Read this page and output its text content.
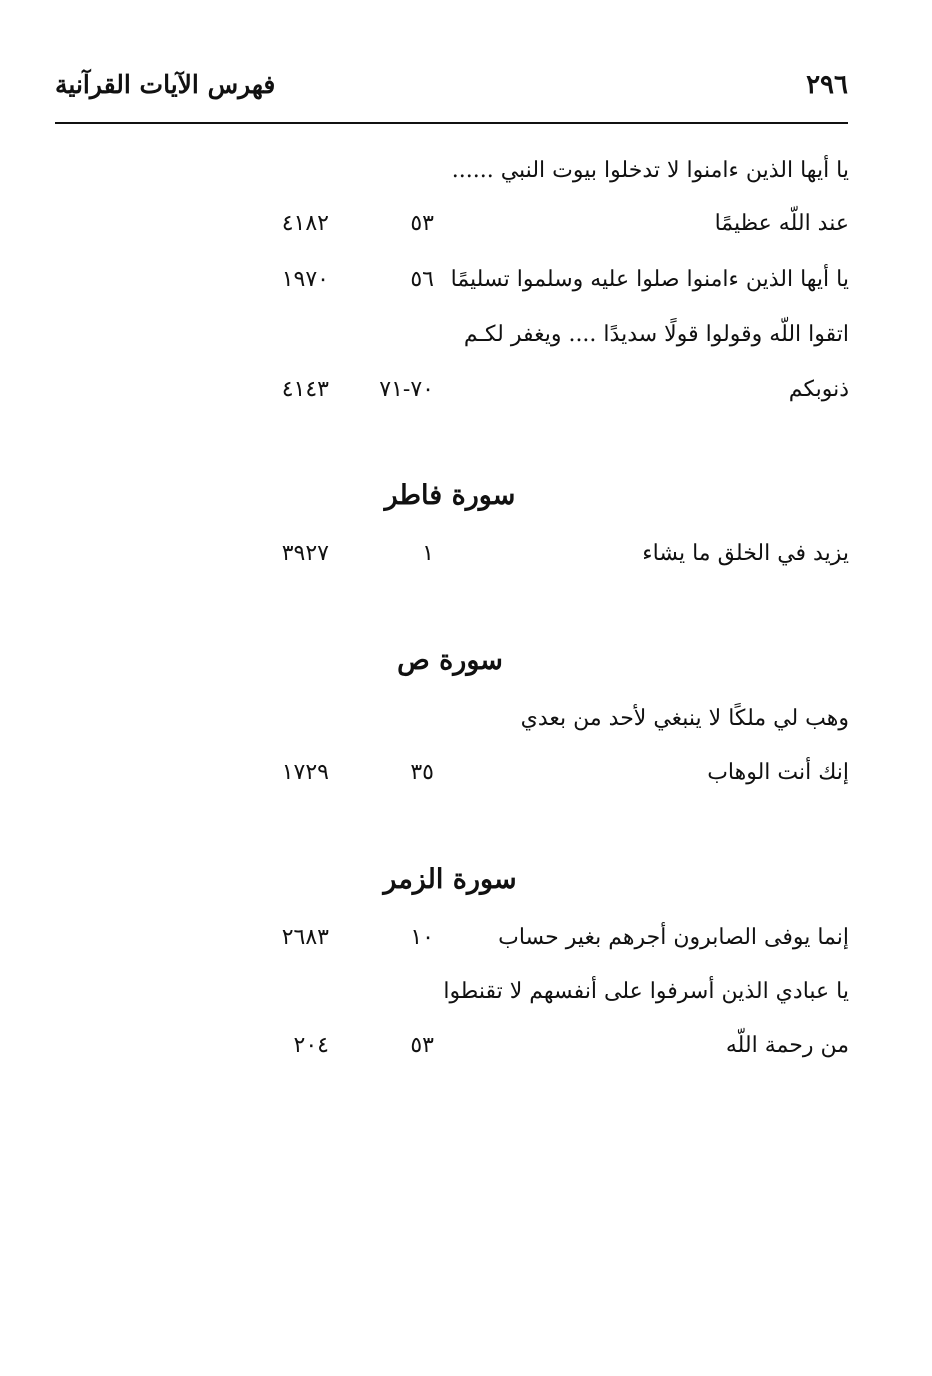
٢٩٦
فهرس الآيات القرآنية
يا أيها الذين ءامنوا لا تدخلوا بيوت النبي ......
عند اللّه عظيمًا
٥٣
٤١٨٢
يا أيها الذين ءامنوا صلوا عليه وسلموا تسليمًا
٥٦
١٩٧٠
اتقوا اللّه وقولوا قولًا سديدًا .... ويغفر لكـم
ذنوبكم
٧٠-٧١
٤١٤٣
سورة فاطر
يزيد في الخلق ما يشاء
١
٣٩٢٧
سورة ص
وهب لي ملكًا لا ينبغي لأحد من بعدي
إنك أنت الوهاب
٣٥
١٧٢٩
سورة الزمر
إنما يوفى الصابرون أجرهم بغير حساب
١٠
٢٦٨٣
يا عبادي الذين أسرفوا على أنفسهم لا تقنطوا
من رحمة اللّه
٥٣
٢٠٤
